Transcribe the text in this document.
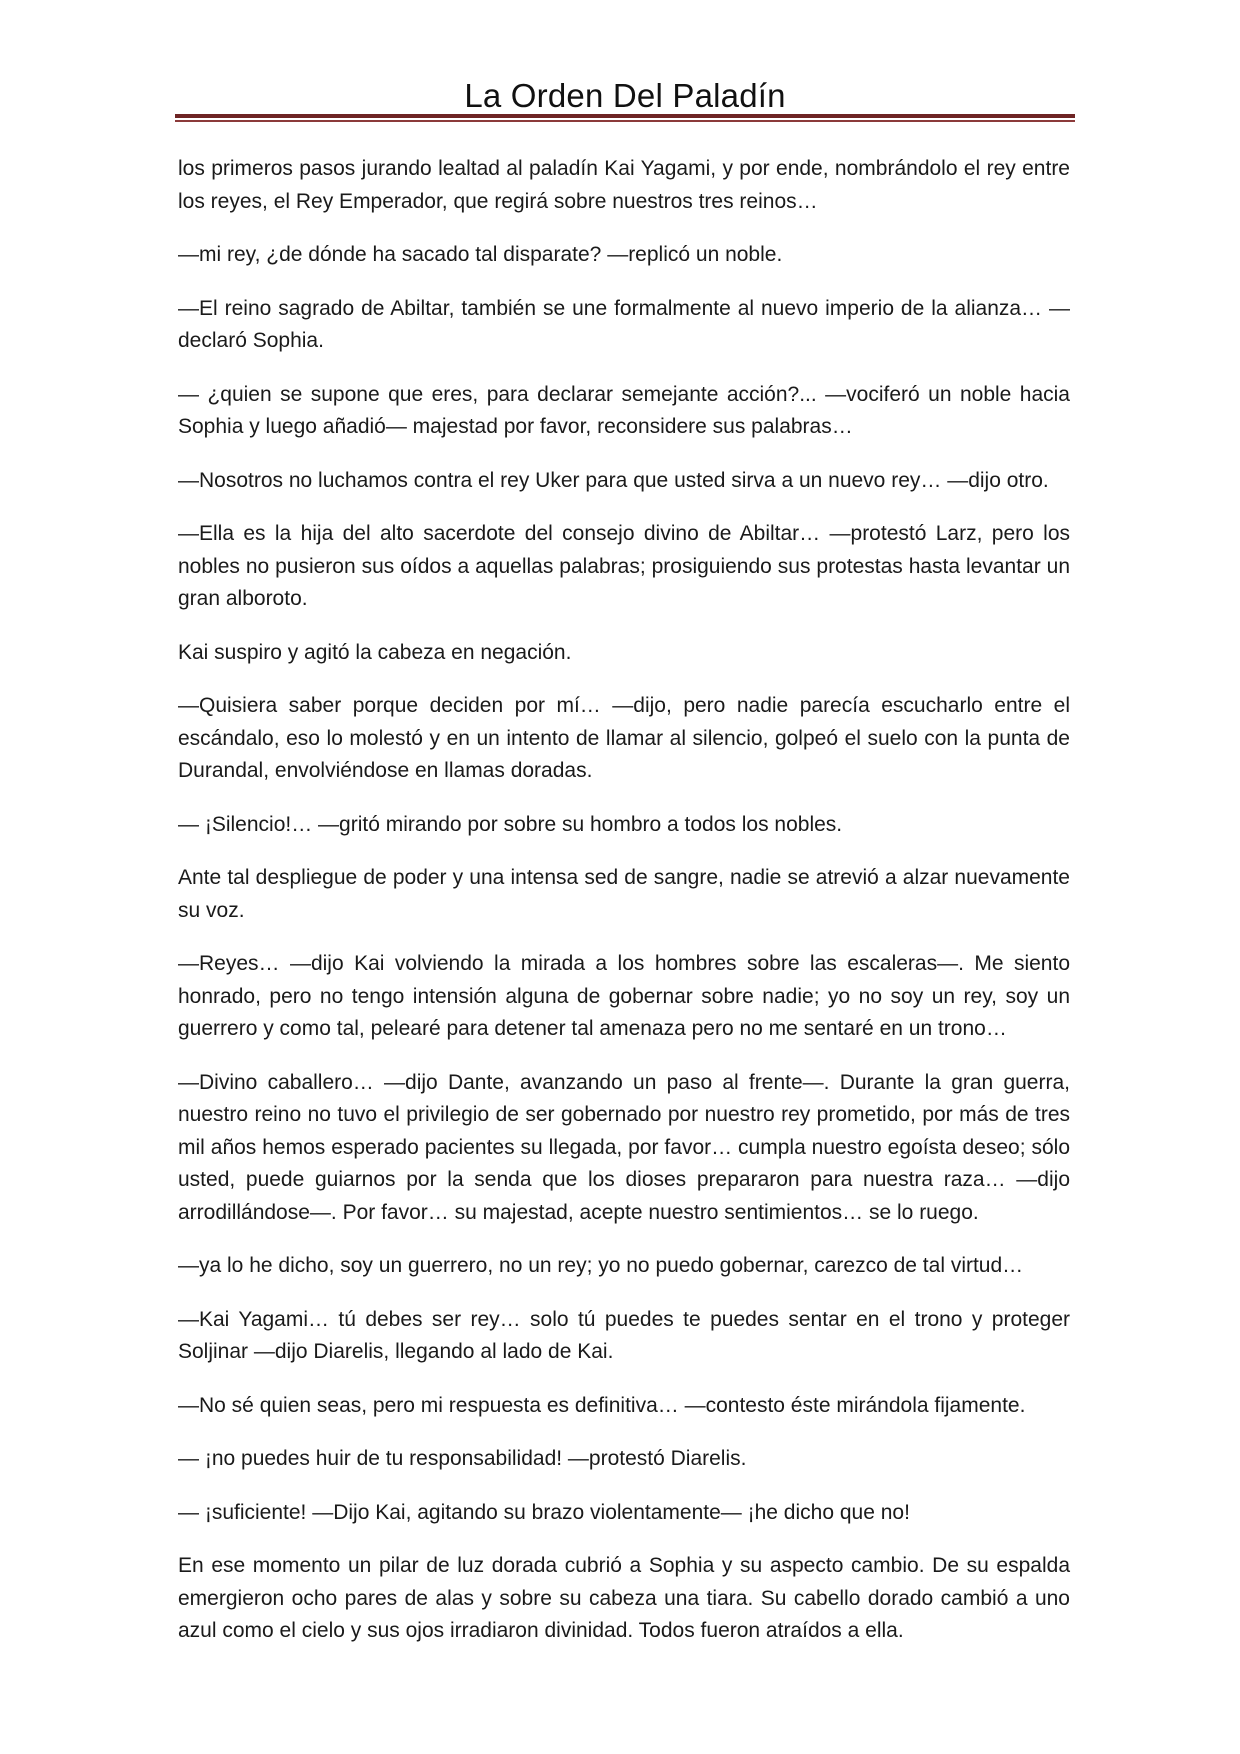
La Orden Del Paladín

los primeros pasos jurando lealtad al paladín Kai Yagami, y por ende, nombrándolo el rey entre los reyes, el Rey Emperador, que regirá sobre nuestros tres reinos…

—mi rey, ¿de dónde ha sacado tal disparate? —replicó un noble.

—El reino sagrado de Abiltar, también se une formalmente al nuevo imperio de la alianza… —declaró Sophia.

— ¿quien se supone que eres, para declarar semejante acción?... —vociferó un noble hacia Sophia y luego añadió— majestad por favor, reconsidere sus palabras…

—Nosotros no luchamos contra el rey Uker para que usted sirva a un nuevo rey… —dijo otro.

—Ella es la hija del alto sacerdote del consejo divino de Abiltar… —protestó Larz, pero los nobles no pusieron sus oídos a aquellas palabras; prosiguiendo sus protestas hasta levantar un gran alboroto.

Kai suspiro y agitó la cabeza en negación.

—Quisiera saber porque deciden por mí… —dijo, pero nadie parecía escucharlo entre el escándalo, eso lo molestó y en un intento de llamar al silencio, golpeó el suelo con la punta de Durandal, envolviéndose en llamas doradas.

— ¡Silencio!… —gritó mirando por sobre su hombro a todos los nobles.

Ante tal despliegue de poder y una intensa sed de sangre, nadie se atrevió a alzar nuevamente su voz.

—Reyes… —dijo Kai volviendo la mirada a los hombres sobre las escaleras—. Me siento honrado, pero no tengo intensión alguna de gobernar sobre nadie; yo no soy un rey, soy un guerrero y como tal, pelearé para detener tal amenaza pero no me sentaré en un trono…

—Divino caballero… —dijo Dante, avanzando un paso al frente—. Durante la gran guerra, nuestro reino no tuvo el privilegio de ser gobernado por nuestro rey prometido, por más de tres mil años hemos esperado pacientes su llegada, por favor… cumpla nuestro egoísta deseo; sólo usted, puede guiarnos por la senda que los dioses prepararon para nuestra raza… —dijo arrodillándose—. Por favor… su majestad, acepte nuestro sentimientos… se lo ruego.

—ya lo he dicho, soy un guerrero, no un rey; yo no puedo gobernar, carezco de tal virtud…

—Kai Yagami… tú debes ser rey… solo tú puedes te puedes sentar en el trono y proteger Soljinar —dijo Diarelis, llegando al lado de Kai.

—No sé quien seas, pero mi respuesta es definitiva… —contesto éste mirándola fijamente.

— ¡no puedes huir de tu responsabilidad! —protestó Diarelis.

— ¡suficiente! —Dijo Kai, agitando su brazo violentamente— ¡he dicho que no!

En ese momento un pilar de luz dorada cubrió a Sophia y su aspecto cambio. De su espalda emergieron ocho pares de alas y sobre su cabeza una tiara. Su cabello dorado cambió a uno azul como el cielo y sus ojos irradiaron divinidad. Todos fueron atraídos a ella.
